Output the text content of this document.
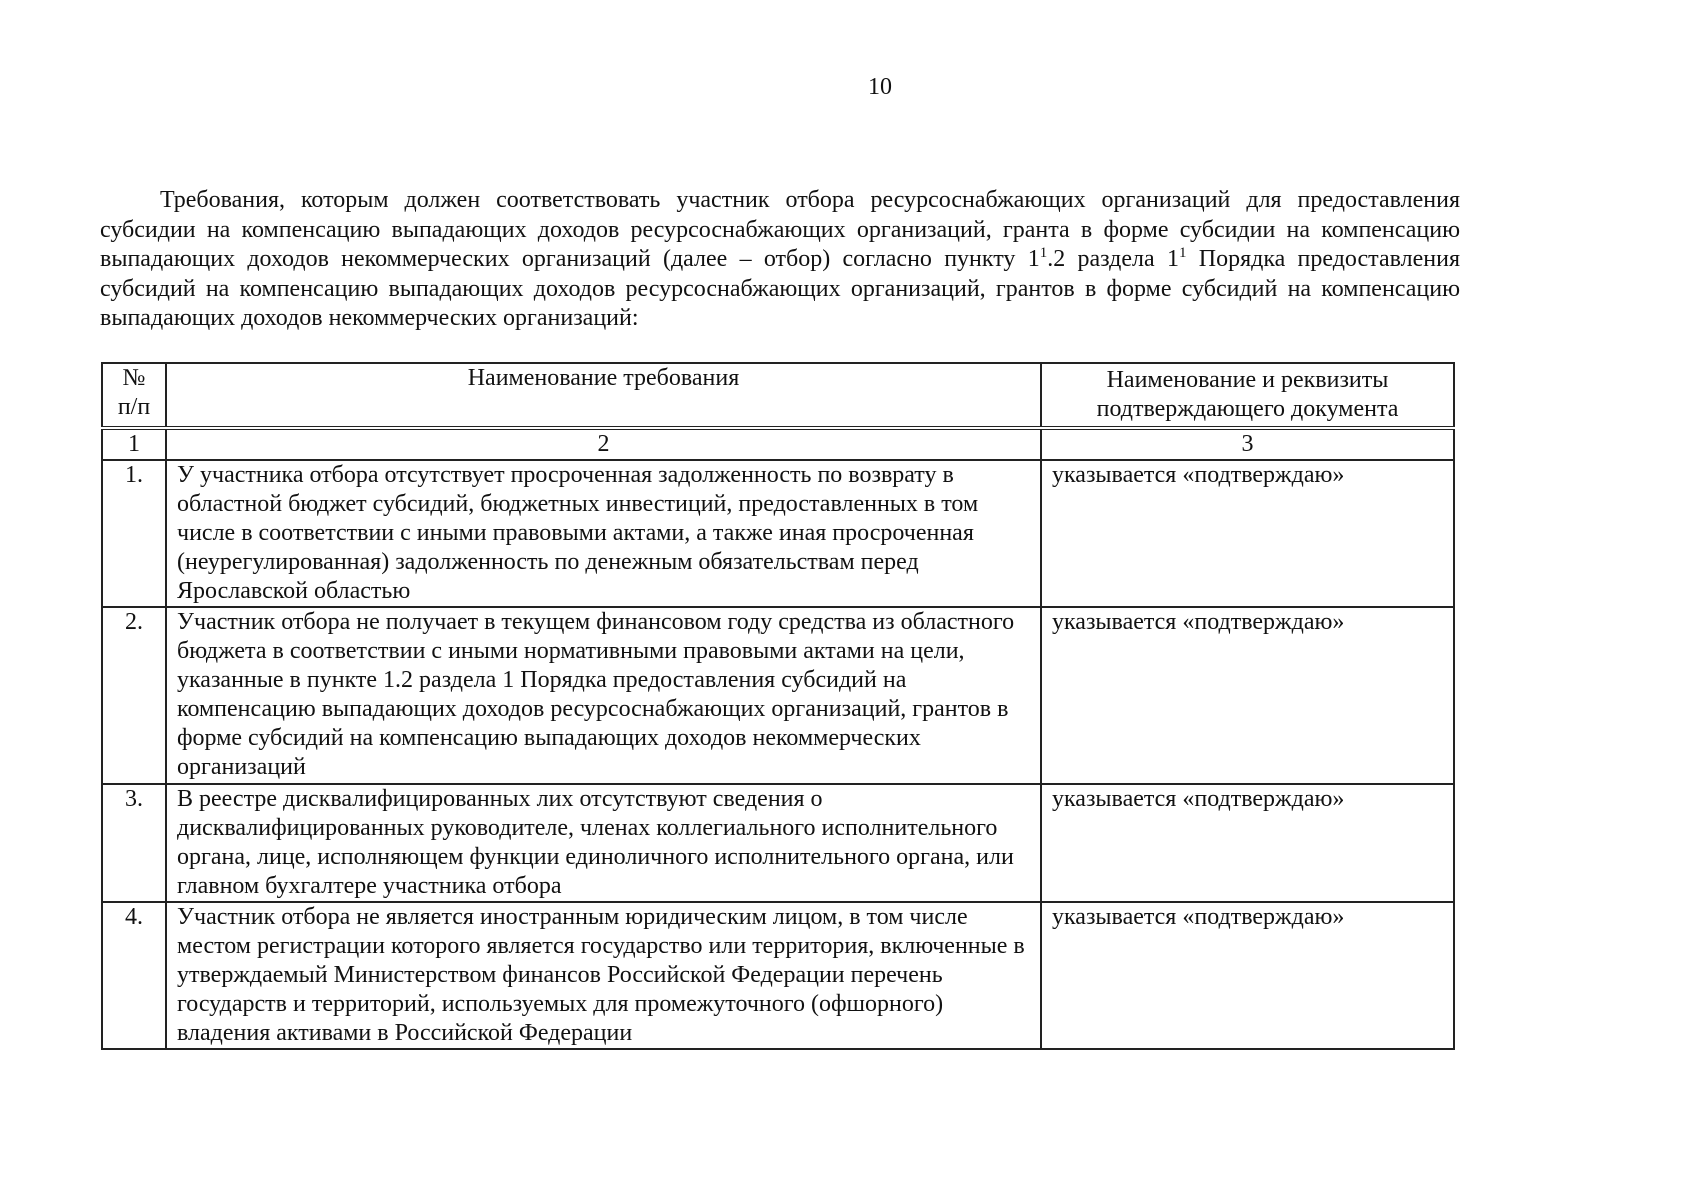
10
Требования, которым должен соответствовать участник отбора ресурсоснабжающих организаций для предоставления субсидии на компенсацию выпадающих доходов ресурсоснабжающих организаций, гранта в форме субсидии на компенсацию выпадающих доходов некоммерческих организаций (далее – отбор) согласно пункту $1^1.2$ раздела $1^1$ Порядка предоставления субсидий на компенсацию выпадающих доходов ресурсоснабжающих организаций, грантов в форме субсидий на компенсацию выпадающих доходов некоммерческих организаций:
№ п/п	Наименование требования	Наименование и реквизиты подтверждающего документа
1	2	3
1.	У участника отбора отсутствует просроченная задолженность по возврату в областной бюджет субсидий, бюджетных инвестиций, предоставленных в том числе в соответствии с иными правовыми актами, а также иная просроченная (неурегулированная) задолженность по денежным обязательствам перед Ярославской областью	указывается «подтверждаю»
2.	Участник отбора не получает в текущем финансовом году средства из областного бюджета в соответствии с иными нормативными правовыми актами на цели, указанные в пункте 1.2 раздела 1 Порядка предоставления субсидий на компенсацию выпадающих доходов ресурсоснабжающих организаций, грантов в форме субсидий на компенсацию выпадающих доходов некоммерческих организаций	указывается «подтверждаю»
3.	В реестре дисквалифицированных лих отсутствуют сведения о дисквалифицированных руководителе, членах коллегиального исполнительного органа, лице, исполняющем функции единоличного исполнительного органа, или главном бухгалтере участника отбора	указывается «подтверждаю»
4.	Участник отбора не является иностранным юридическим лицом, в том числе местом регистрации которого является государство или территория, включенные в утверждаемый Министерством финансов Российской Федерации перечень государств и территорий, используемых для промежуточного (офшорного) владения активами в Российской Федерации	указывается «подтверждаю»
